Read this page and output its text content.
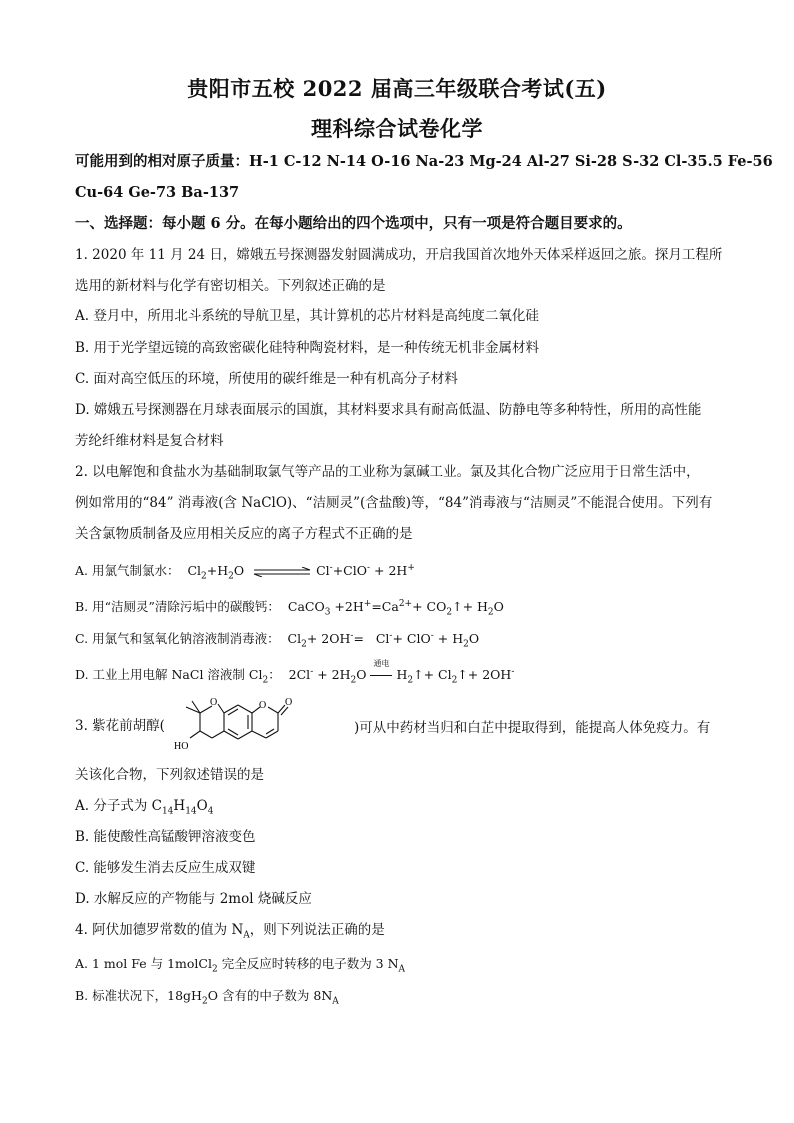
贵阳市五校 2022 届高三年级联合考试(五)
理科综合试卷化学
可能用到的相对原子质量：H-1 C-12 N-14 O-16 Na-23 Mg-24 Al-27 Si-28 S-32 Cl-35.5 Fe-56
Cu-64 Ge-73 Ba-137
一、选择题：每小题 6 分。在每小题给出的四个选项中，只有一项是符合题目要求的。
1. 2020 年 11 月 24 日，嫦娥五号探测器发射圆满成功，开启我国首次地外天体采样返回之旅。探月工程所
选用的新材料与化学有密切相关。下列叙述正确的是
A. 登月中，所用北斗系统的导航卫星，其计算机的芯片材料是高纯度二氧化硅
B. 用于光学望远镜的高致密碳化硅特种陶瓷材料，是一种传统无机非金属材料
C. 面对高空低压的环境，所使用的碳纤维是一种有机高分子材料
D. 嫦娥五号探测器在月球表面展示的国旗，其材料要求具有耐高低温、防静电等多种特性，所用的高性能
芳纶纤维材料是复合材料
2. 以电解饱和食盐水为基础制取氯气等产品的工业称为氯碱工业。氯及其化合物广泛应用于日常生活中，
例如常用的“84” 消毒液(含 NaClO)、“洁厕灵”(含盐酸)等，“84”消毒液与“洁厕灵”不能混合使用。下列有
关含氯物质制备及应用相关反应的离子方程式不正确的是
A. 用氯气制氯水：  $Cl_2+H_2O$	Cl-+ClO- + 2H+
B. 用“洁厕灵”清除污垢中的碳酸钙：  CaCO$_3$ $+2H^+=Ca^{2+}+$ $CO_2↑+ H_2O$
C. 用氯气和氢氧化钠溶液制消毒液：  $Cl_2+ 2OH^-= Cl^-+ ClO^- + H_2O$
D. 工业上用电解 NaCl 溶液制 $Cl_2$：  $2Cl^- + 2H_2O$
通电
$H_2↑+$ $Cl_2↑+ 2OH^-$
3. 紫花前胡醇(
O	O O
HO
)可从中药材当归和白芷中提取得到，能提高人体免疫力。有
关该化合物，下列叙述错误的是
A. 分子式为 $C_{14}H_{14}O_4$
B. 能使酸性高锰酸钾溶液变色
C. 能够发生消去反应生成双键
D. 水解反应的产物能与 2mol 烧碱反应
4. 阿伏加德罗常数的值为 $N_A$，则下列说法正确的是
A. 1 mol Fe 与 1molCl$_2$ 完全反应时转移的电子数为 3 $N_A$
B. 标准状况下，$18gH_2O$ 含有的中子数为 $8N_A$
